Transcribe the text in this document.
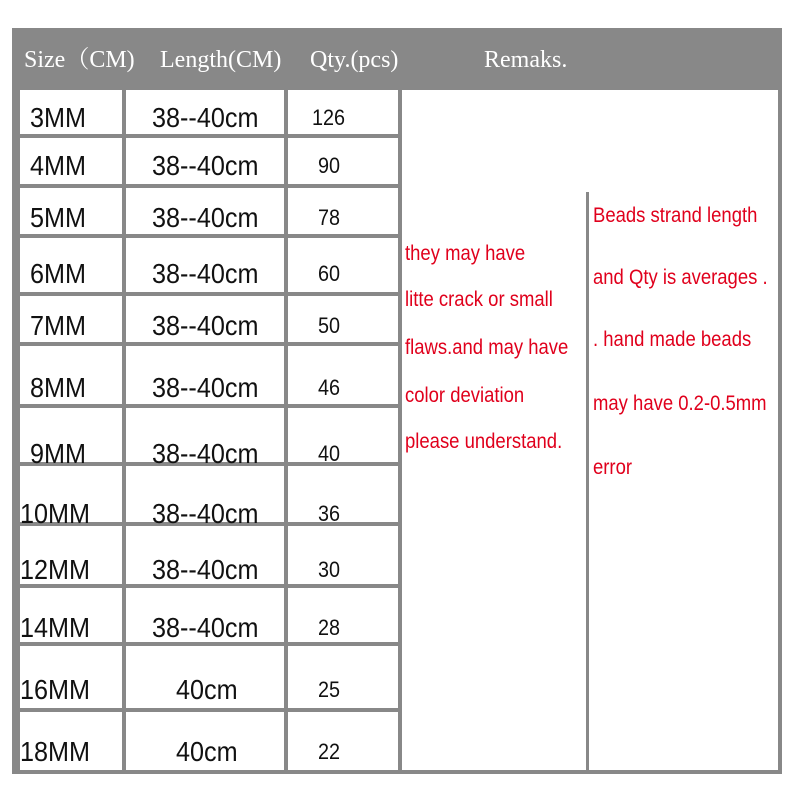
Size（CM) Length(CM) Qty.(pcs)	Remaks.
3MM 38--40cm 126
4MM 38--40cm	90
5MM 38--40cm	78
6MM 38--40cm	60
7MM 38--40cm	50
8MM 38--40cm	46
9MM 38--40cm	40
10MM 38--40cm	36
12MM 38--40cm	30
14MM 38--40cm	28
16MM	40cm	25
18MM	40cm	22
they may have
litte crack or small
flaws.and may have
color deviation
please understand.
Beads strand length
and Qty is averages .
. hand made beads
may have 0.2-0.5mm
error
